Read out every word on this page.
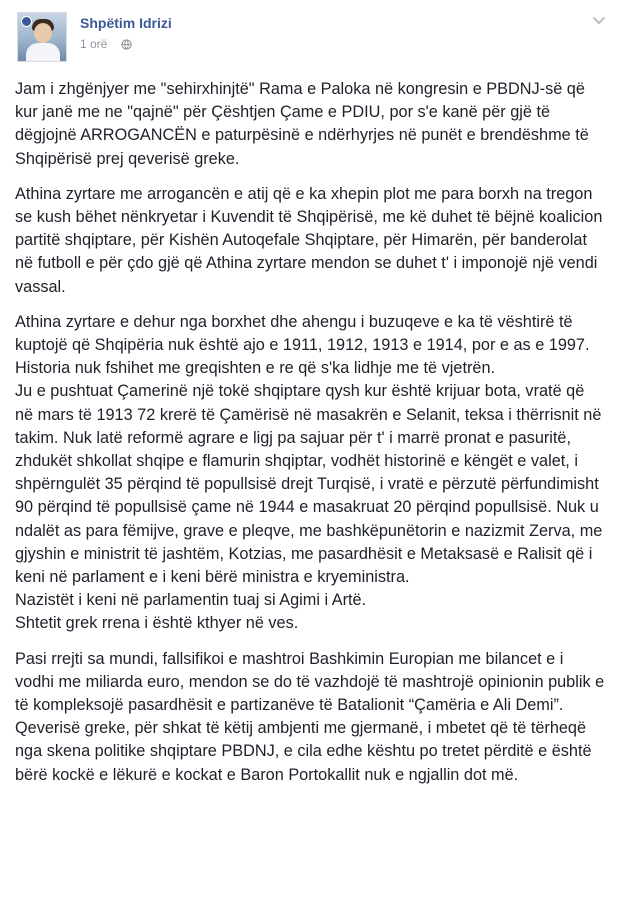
Shpëtim Idrizi
1 orë

Jam i zhgënjyer me "sehirxhinjtë" Rama e Paloka në kongresin e PBDNJ-së që kur janë me ne "qajnë" për Çështjen Çame e PDIU, por s'e kanë për gjë të dëgjojnë ARROGANCËN e paturpësinë e ndërhyrjes në punët e brendëshme të Shqipërisë prej qeverisë greke.

Athina zyrtare me arrogancën e atij që e ka xhepin plot me para borxh na tregon se kush bëhet nënkryetar i Kuvendit të Shqipërisë, me kë duhet të bëjnë koalicion partitë shqiptare, për Kishën Autoqefale Shqiptare, për Himarën, për banderolat në futboll e për çdo gjë që Athina zyrtare mendon se duhet t' i imponojë një vendi vassal.

Athina zyrtare e dehur nga borxhet dhe ahengu i buzuqeve e ka të vështirë të kuptojë që Shqipëria nuk është ajo e 1911, 1912, 1913 e 1914, por e as e 1997.

Historia nuk fshihet me greqishten e re që s'ka lidhje me të vjetrën.

Ju e pushtuat Çamerinë një tokë shqiptare qysh kur është krijuar bota, vratë që në mars të 1913 72 krerë të Çamërisë në masakrën e Selanit, teksa i thërrisnit në takim. Nuk latë reformë agrare e ligj pa sajuar për t' i marrë pronat e pasuritë, zhdukët shkollat shqipe e flamurin shqiptar, vodhët historinë e këngët e valet, i shpërngulët 35 përqind të popullsisë drejt Turqisë, i vratë e përzutë përfundimisht 90 përqind të popullsisë çame në 1944 e masakruat 20 përqind popullsisë. Nuk u ndalët as para fëmijve, grave e pleqve, me bashkëpunëtorin e nazizmit Zerva, me gjyshin e ministrit të jashtëm, Kotzias, me pasardhësit e Metaksasë e Ralisit që i keni në parlament e i keni bërë ministra e kryeministra.

Nazistët i keni në parlamentin tuaj si Agimi i Artë.

Shtetit grek rrena i është kthyer në ves.

Pasi rrejti sa mundi, fallsifikoi e mashtroi Bashkimin Europian me bilancet e i vodhi me miliarda euro, mendon se do të vazhdojë të mashtrojë opinionin publik e të kompleksojë pasardhësit e partizanëve të Batalionit “Çamëria e Ali Demi”.

Qeverisë greke, për shkat të këtij ambjenti me gjermanë, i mbetet që të tërheqë nga skena politike shqiptare PBDNJ, e cila edhe kështu po tretet përditë e është bërë kockë e lëkurë e kockat e Baron Portokallit nuk e ngjallin dot më.
